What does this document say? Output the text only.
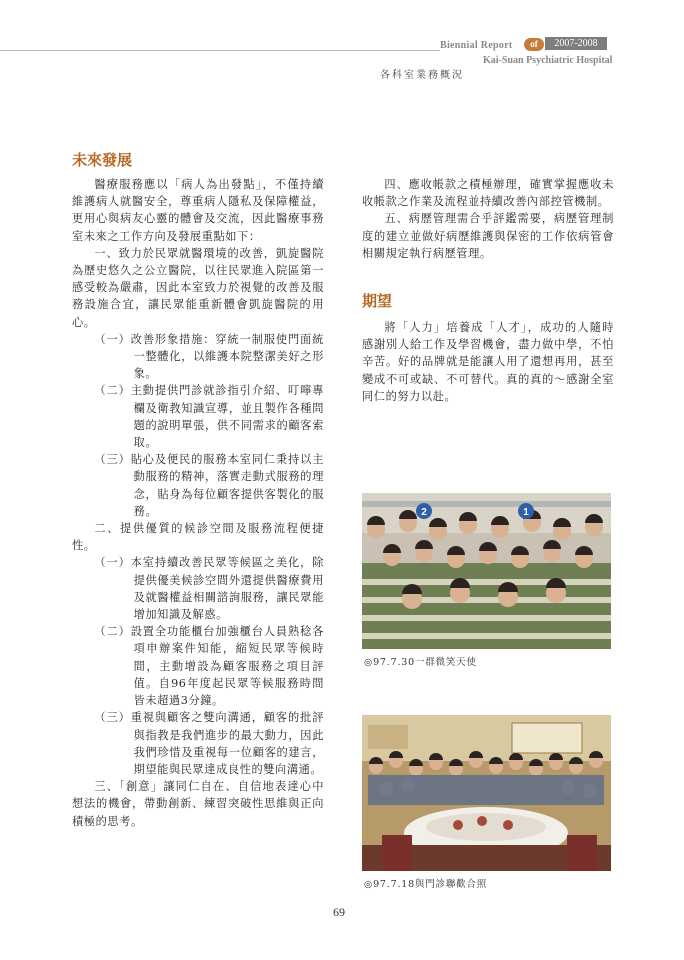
Biennial Report	of	2007-2008
Kai-Suan Psychiatric Hospital
各科室業務概況
未來發展

醫療服務應以「病人為出發點」，不僅持續維護病人就醫安全，尊重病人隱私及保障權益，更用心與病友心靈的體會及交流，因此醫療事務室未來之工作方向及發展重點如下：

一、致力於民眾就醫環境的改善，凱旋醫院為歷史悠久之公立醫院，以往民眾進入院區第一感受較為嚴肅，因此本室致力於視覺的改善及服務設施合宜，讓民眾能重新體會凱旋醫院的用心。

（一）改善形象措施：穿統一制服使門面統一整體化，以維護本院整潔美好之形象。

（二）主動提供門診就診指引介紹、叮嚀專欄及衛教知識宣導，並且製作各種問題的說明單張，供不同需求的顧客索取。

（三）貼心及便民的服務本室同仁秉持以主動服務的精神，落實走動式服務的理念，貼身為每位顧客提供客製化的服務。

二、提供優質的候診空間及服務流程便捷性。

（一）本室持續改善民眾等候區之美化，除提供優美候診空間外還提供醫療費用及就醫權益相關諮詢服務，讓民眾能增加知識及解惑。

（二）設置全功能櫃台加強櫃台人員熟稔各項申辦案件知能，縮短民眾等候時間，主動增設為顧客服務之項目評值。自96年度起民眾等候服務時間皆未超過3分鐘。

（三）重視與顧客之雙向溝通，顧客的批評與指教是我們進步的最大動力，因此我們珍惜及重視每一位顧客的建言，期望能與民眾達成良性的雙向溝通。

三、「創意」讓同仁自在、自信地表達心中想法的機會，帶動創新、練習突破性思維與正向積極的思考。

四、應收帳款之積極辦理，確實掌握應收未收帳款之作業及流程並持續改善內部控管機制。

五、病歷管理需合乎評鑑需要，病歷管理制度的建立並做好病歷維護與保密的工作依病管會相關規定執行病歷管理。

期望

將「人力」培養成「人才」，成功的人隨時感謝別人給工作及學習機會，盡力做中學，不怕辛苦。好的品牌就是能讓人用了還想再用，甚至變成不可或缺、不可替代。真的真的～感謝全室同仁的努力以赴。

2	1
◎97.7.30一群微笑天使
◎97.7.18與門診聯歡合照
69
